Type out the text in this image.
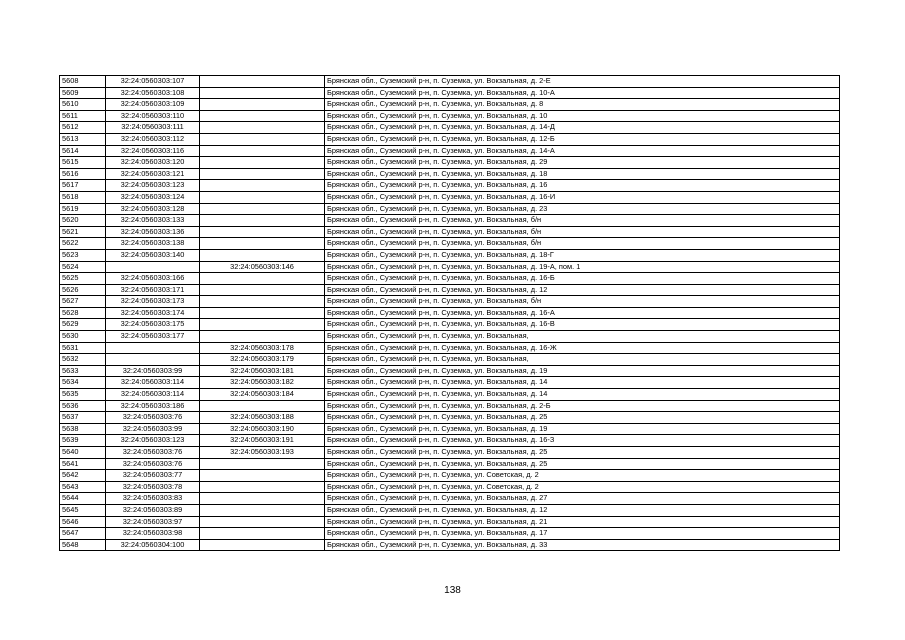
5608	32:24:0560303:107		Брянская обл., Суземский р-н, п. Суземка, ул. Вокзальная, д. 2-Е
5609	32:24:0560303:108		Брянская обл., Суземский р-н, п. Суземка, ул. Вокзальная, д. 10-А
5610	32:24:0560303:109		Брянская обл., Суземский р-н, п. Суземка, ул. Вокзальная, д. 8
5611	32:24:0560303:110		Брянская обл., Суземский р-н, п. Суземка, ул. Вокзальная, д. 10
5612	32:24:0560303:111		Брянская обл., Суземский р-н, п. Суземка, ул. Вокзальная, д. 14-Д
5613	32:24:0560303:112		Брянская обл., Суземский р-н, п. Суземка, ул. Вокзальная, д. 12-Б
5614	32:24:0560303:116		Брянская обл., Суземский р-н, п. Суземка, ул. Вокзальная, д. 14-А
5615	32:24:0560303:120		Брянская обл., Суземский р-н, п. Суземка, ул. Вокзальная, д. 29
5616	32:24:0560303:121		Брянская обл., Суземский р-н, п. Суземка, ул. Вокзальная, д. 18
5617	32:24:0560303:123		Брянская обл., Суземский р-н, п. Суземка, ул. Вокзальная, д. 16
5618	32:24:0560303:124		Брянская обл., Суземский р-н, п. Суземка, ул. Вокзальная, д. 16-И
5619	32:24:0560303:128		Брянская обл., Суземский р-н, п. Суземка, ул. Вокзальная, д. 23
5620	32:24:0560303:133		Брянская обл., Суземский р-н, п. Суземка, ул. Вокзальная, б/н
5621	32:24:0560303:136		Брянская обл., Суземский р-н, п. Суземка, ул. Вокзальная, б/н
5622	32:24:0560303:138		Брянская обл., Суземский р-н, п. Суземка, ул. Вокзальная, б/н
5623	32:24:0560303:140		Брянская обл., Суземский р-н, п. Суземка, ул. Вокзальная, д. 18-Г
5624		32:24:0560303:146	Брянская обл., Суземский р-н, п. Суземка, ул. Вокзальная, д. 19-А, пом. 1
5625	32:24:0560303:166		Брянская обл., Суземский р-н, п. Суземка, ул. Вокзальная, д. 16-Б
5626	32:24:0560303:171		Брянская обл., Суземский р-н, п. Суземка, ул. Вокзальная, д. 12
5627	32:24:0560303:173		Брянская обл., Суземский р-н, п. Суземка, ул. Вокзальная, б/н
5628	32:24:0560303:174		Брянская обл., Суземский р-н, п. Суземка, ул. Вокзальная, д. 16-А
5629	32:24:0560303:175		Брянская обл., Суземский р-н, п. Суземка, ул. Вокзальная, д. 16-В
5630	32:24:0560303:177		Брянская обл., Суземский р-н, п. Суземка, ул. Вокзальная,
5631		32:24:0560303:178	Брянская обл., Суземский р-н, п. Суземка, ул. Вокзальная, д. 16-Ж
5632		32:24:0560303:179	Брянская обл., Суземский р-н, п. Суземка, ул. Вокзальная,
5633	32:24:0560303:99	32:24:0560303:181	Брянская обл., Суземский р-н, п. Суземка, ул. Вокзальная, д. 19
5634	32:24:0560303:114	32:24:0560303:182	Брянская обл., Суземский р-н, п. Суземка, ул. Вокзальная, д. 14
5635	32:24:0560303:114	32:24:0560303:184	Брянская обл., Суземский р-н, п. Суземка, ул. Вокзальная, д. 14
5636	32:24:0560303:186		Брянская обл., Суземский р-н, п. Суземка, ул. Вокзальная, д. 2-Б
5637	32:24:0560303:76	32:24:0560303:188	Брянская обл., Суземский р-н, п. Суземка, ул. Вокзальная, д. 25
5638	32:24:0560303:99	32:24:0560303:190	Брянская обл., Суземский р-н, п. Суземка, ул. Вокзальная, д. 19
5639	32:24:0560303:123	32:24:0560303:191	Брянская обл., Суземский р-н, п. Суземка, ул. Вокзальная, д. 16-З
5640	32:24:0560303:76	32:24:0560303:193	Брянская обл., Суземский р-н, п. Суземка, ул. Вокзальная, д. 25
5641	32:24:0560303:76		Брянская обл., Суземский р-н, п. Суземка, ул. Вокзальная, д. 25
5642	32:24:0560303:77		Брянская обл., Суземский р-н, п. Суземка, ул. Советская, д. 2
5643	32:24:0560303:78		Брянская обл., Суземский р-н, п. Суземка, ул. Советская, д. 2
5644	32:24:0560303:83		Брянская обл., Суземский р-н, п. Суземка, ул. Вокзальная, д. 27
5645	32:24:0560303:89		Брянская обл., Суземский р-н, п. Суземка, ул. Вокзальная, д. 12
5646	32:24:0560303:97		Брянская обл., Суземский р-н, п. Суземка, ул. Вокзальная, д. 21
5647	32:24:0560303:98		Брянская обл., Суземский р-н, п. Суземка, ул. Вокзальная, д. 17
5648	32:24:0560304:100		Брянская обл., Суземский р-н, п. Суземка, ул. Вокзальная, д. 33
138
